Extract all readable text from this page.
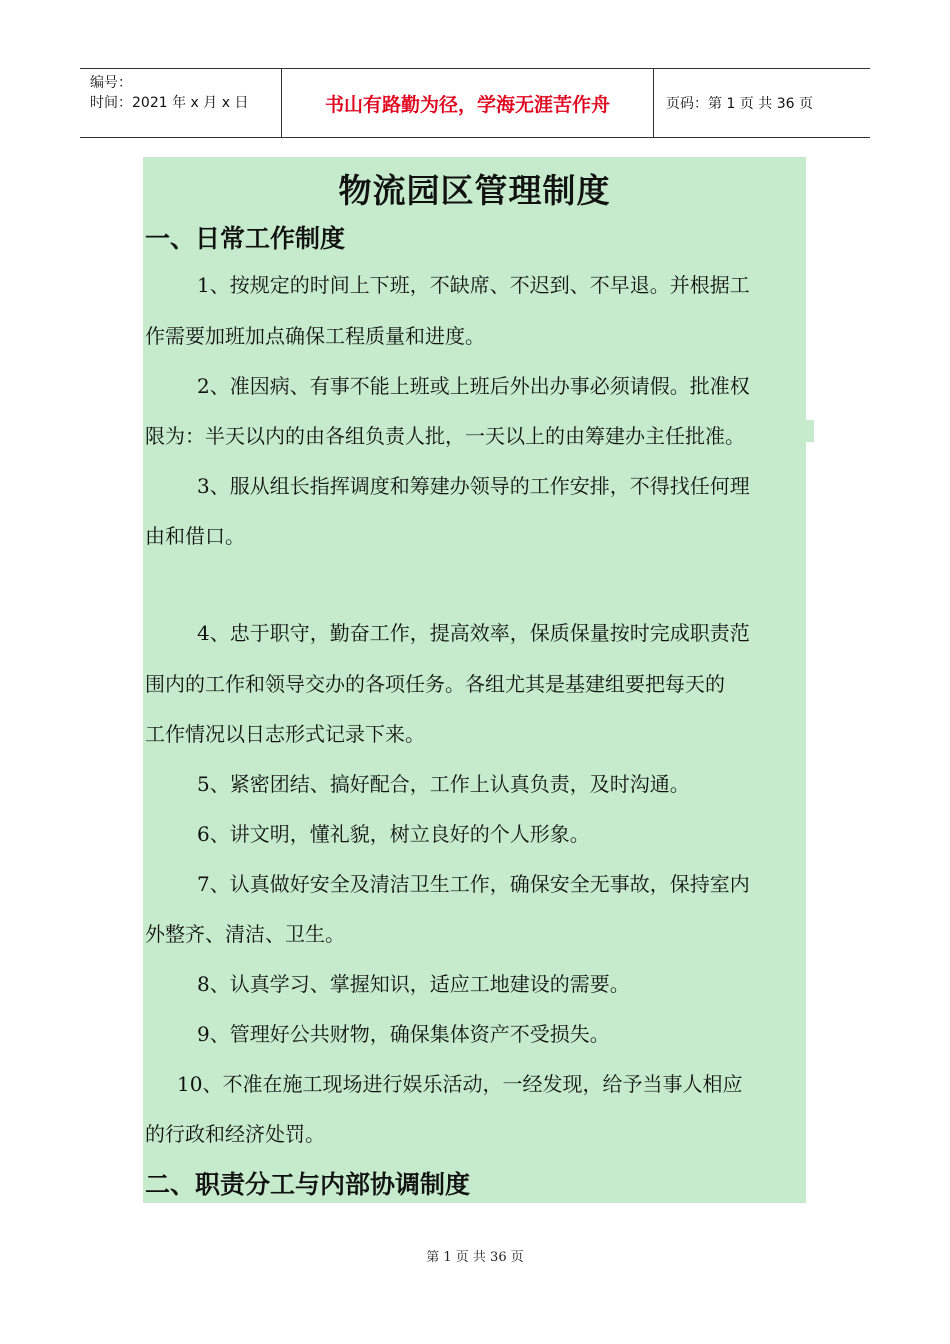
编号：
时间：2021 年 x 月 x 日	书山有路勤为径，学海无涯苦作舟	页码：第 1 页 共 36 页
物流园区管理制度
一、日常工作制度
　1、按规定的时间上下班，不缺席、不迟到、不早退。并根据工
作需要加班加点确保工程质量和进度。
　2、准因病、有事不能上班或上班后外出办事必须请假。批准权
限为：半天以内的由各组负责人批，一天以上的由筹建办主任批准。
　3、服从组长指挥调度和筹建办领导的工作安排，不得找任何理
由和借口。
　4、忠于职守，勤奋工作，提高效率，保质保量按时完成职责范
围内的工作和领导交办的各项任务。各组尤其是基建组要把每天的
工作情况以日志形式记录下来。
　5、紧密团结、搞好配合，工作上认真负责，及时沟通。
　6、讲文明，懂礼貌，树立良好的个人形象。
　7、认真做好安全及清洁卫生工作，确保安全无事故，保持室内
外整齐、清洁、卫生。
　8、认真学习、掌握知识，适应工地建设的需要。
　9、管理好公共财物，确保集体资产不受损失。
10、不准在施工现场进行娱乐活动，一经发现，给予当事人相应
的行政和经济处罚。
二、职责分工与内部协调制度
第 1 页 共 36 页
